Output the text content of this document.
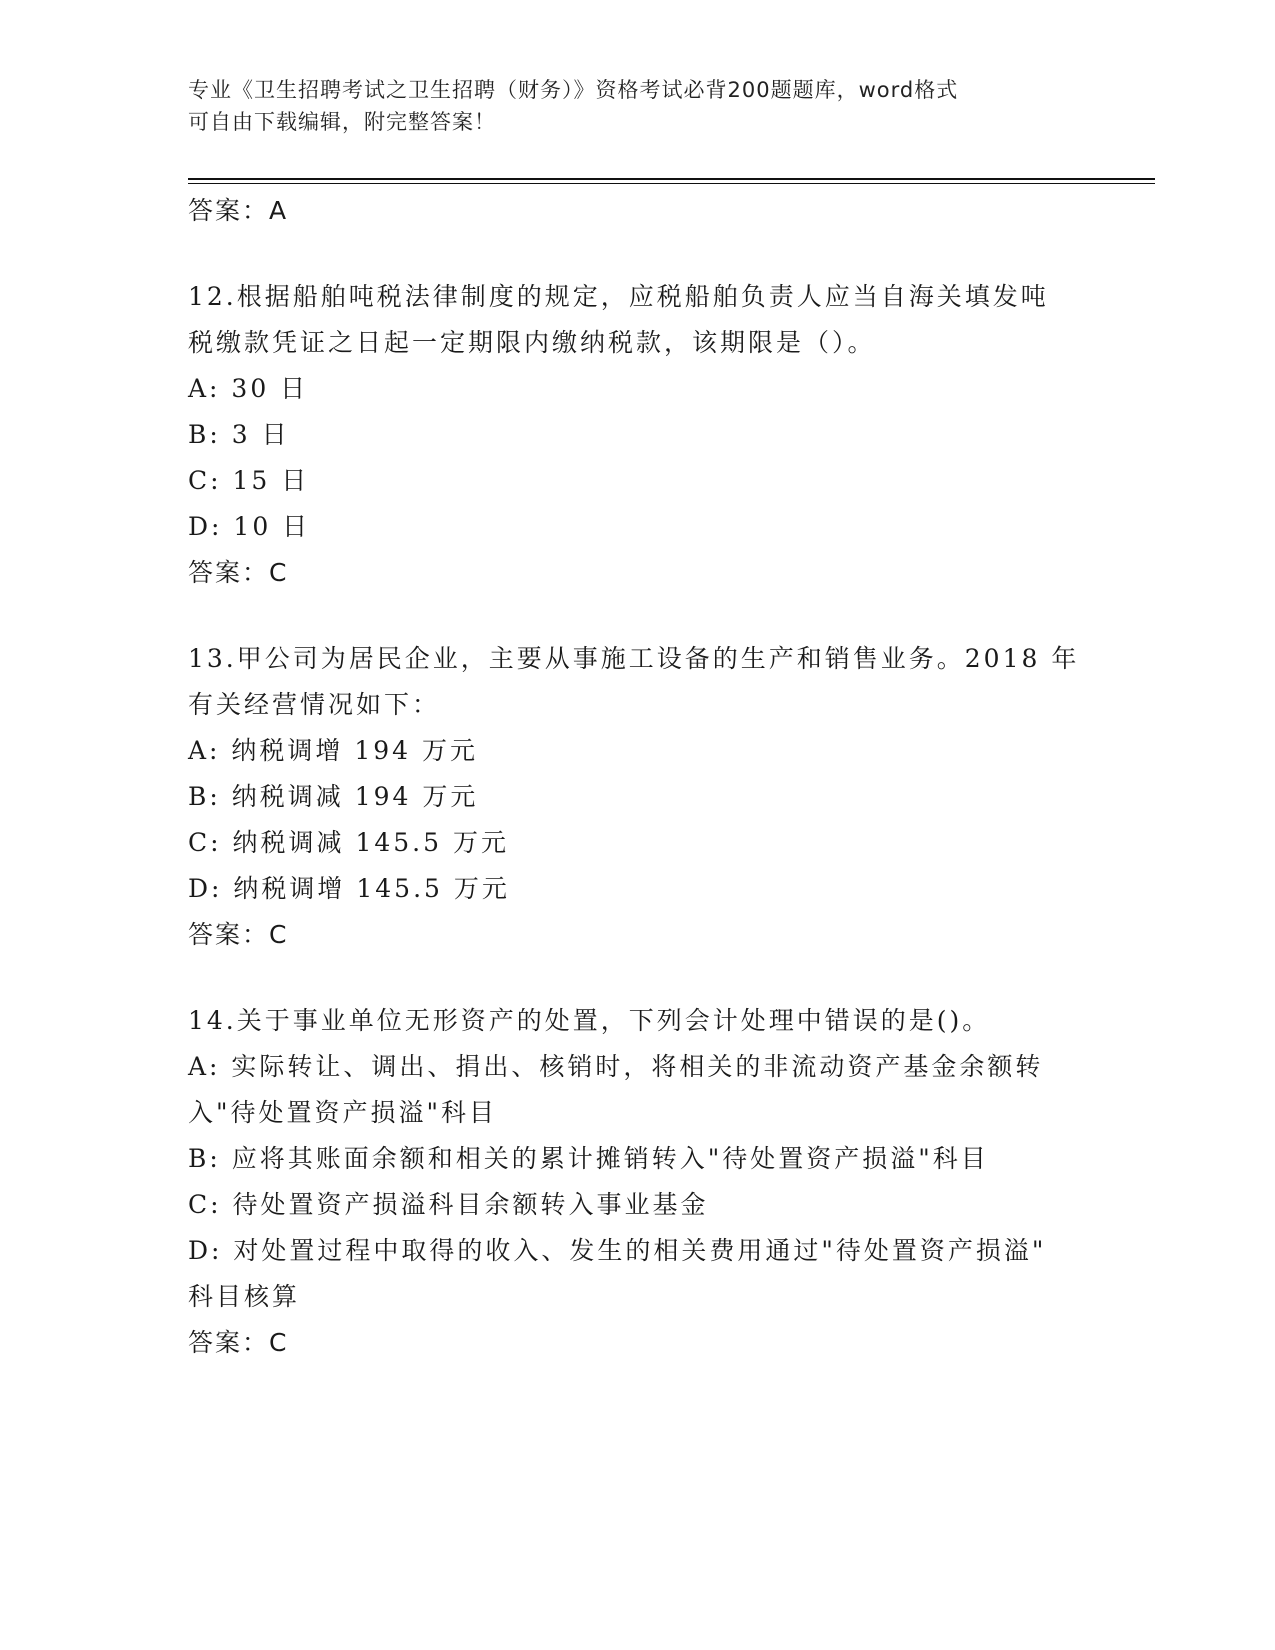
专业《卫生招聘考试之卫生招聘（财务）》资格考试必背200题题库，word格式
可自由下载编辑，附完整答案！

答案：A

12.根据船舶吨税法律制度的规定，应税船舶负责人应当自海关填发吨

税缴款凭证之日起一定期限内缴纳税款，该期限是（）。

A: 30 日

B: 3 日

C: 15 日

D: 10 日

答案：C

13.甲公司为居民企业，主要从事施工设备的生产和销售业务。2018 年

有关经营情况如下：

A: 纳税调增 194 万元

B: 纳税调减 194 万元

C: 纳税调减 145.5 万元

D: 纳税调增 145.5 万元

答案：C

14.关于事业单位无形资产的处置，下列会计处理中错误的是()。

A: 实际转让、调出、捐出、核销时，将相关的非流动资产基金余额转

入"待处置资产损溢"科目

B: 应将其账面余额和相关的累计摊销转入"待处置资产损溢"科目

C: 待处置资产损溢科目余额转入事业基金

D: 对处置过程中取得的收入、发生的相关费用通过"待处置资产损溢"

科目核算

答案：C
